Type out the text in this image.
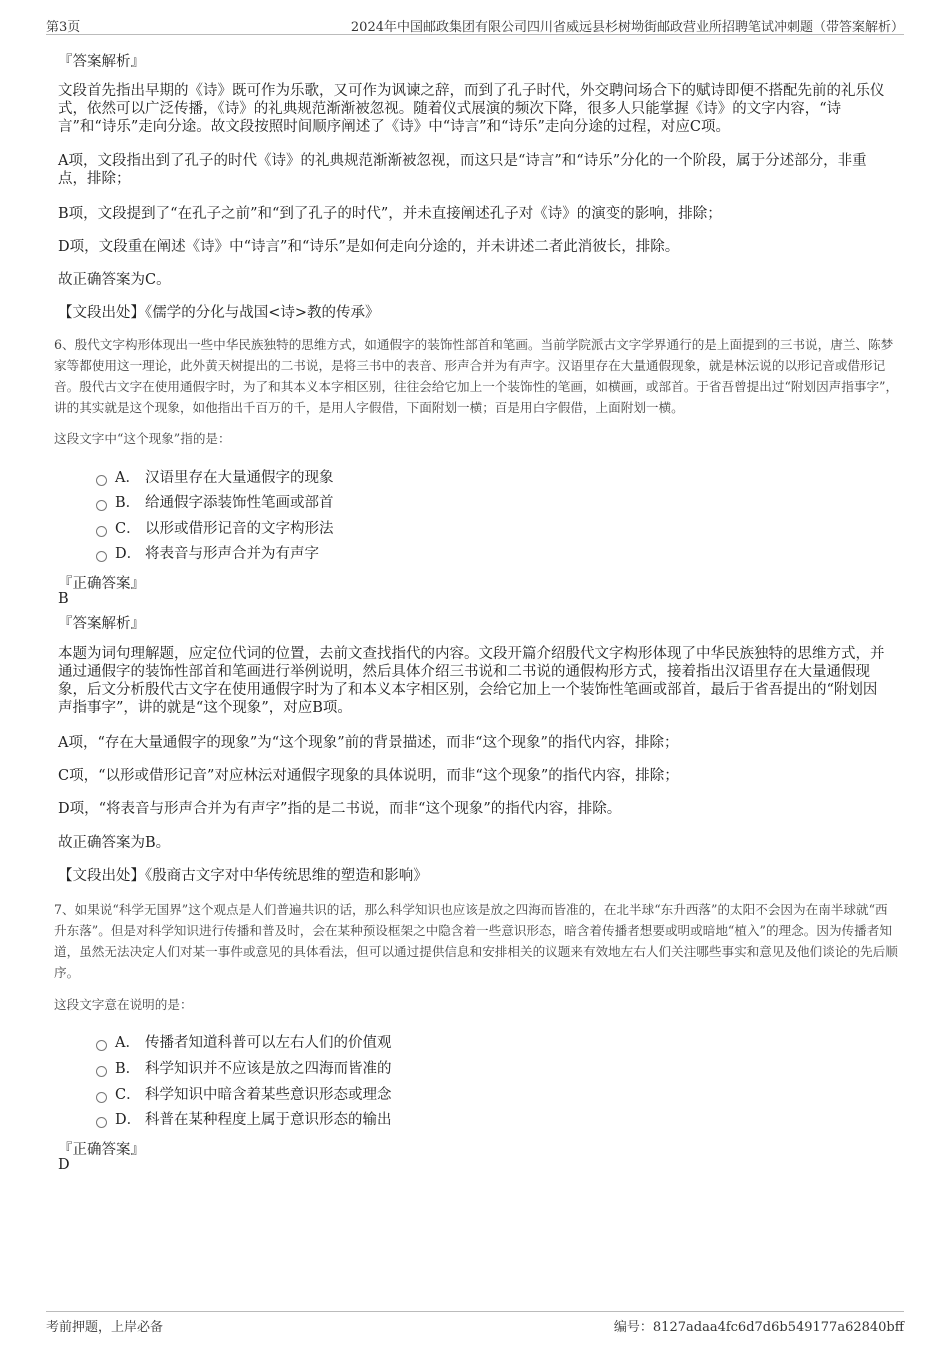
第3页	2024年中国邮政集团有限公司四川省威远县杉树坳街邮政营业所招聘笔试冲刺题（带答案解析）
『答案解析』
文段首先指出早期的《诗》既可作为乐歌，又可作为讽谏之辞，而到了孔子时代，外交聘问场合下的赋诗即便不搭配先前的礼乐仪式，依然可以广泛传播，《诗》的礼典规范渐渐被忽视。随着仪式展演的频次下降，很多人只能掌握《诗》的文字内容，“诗言”和“诗乐”走向分途。故文段按照时间顺序阐述了《诗》中“诗言”和“诗乐”走向分途的过程，对应C项。
A项，文段指出到了孔子的时代《诗》的礼典规范渐渐被忽视，而这只是“诗言”和“诗乐”分化的一个阶段，属于分述部分，非重点，排除；
B项，文段提到了“在孔子之前”和“到了孔子的时代”，并未直接阐述孔子对《诗》的演变的影响，排除；
D项，文段重在阐述《诗》中“诗言”和“诗乐”是如何走向分途的，并未讲述二者此消彼长，排除。
故正确答案为C。
【文段出处】《儒学的分化与战国<诗>教的传承》
6、殷代文字构形体现出一些中华民族独特的思维方式，如通假字的装饰性部首和笔画。当前学院派古文字学界通行的是上面提到的三书说，唐兰、陈梦家等都使用这一理论，此外黄天树提出的二书说，是将三书中的表音、形声合并为有声字。汉语里存在大量通假现象，就是林沄说的以形记音或借形记音。殷代古文字在使用通假字时，为了和其本义本字相区别，往往会给它加上一个装饰性的笔画，如横画，或部首。于省吾曾提出过“附划因声指事字”，讲的其实就是这个现象，如他指出千百万的千，是用人字假借，下面附划一横；百是用白字假借，上面附划一横。
这段文字中“这个现象”指的是：
A． 汉语里存在大量通假字的现象
B． 给通假字添装饰性笔画或部首
C． 以形或借形记音的文字构形法
D． 将表音与形声合并为有声字
『正确答案』
B
『答案解析』
本题为词句理解题，应定位代词的位置，去前文查找指代的内容。文段开篇介绍殷代文字构形体现了中华民族独特的思维方式，并通过通假字的装饰性部首和笔画进行举例说明，然后具体介绍三书说和二书说的通假构形方式，接着指出汉语里存在大量通假现象，后文分析殷代古文字在使用通假字时为了和本义本字相区别，会给它加上一个装饰性笔画或部首，最后于省吾提出的“附划因声指事字”，讲的就是“这个现象”，对应B项。
A项，“存在大量通假字的现象”为“这个现象”前的背景描述，而非“这个现象”的指代内容，排除；
C项，“以形或借形记音”对应林沄对通假字现象的具体说明，而非“这个现象”的指代内容，排除；
D项，“将表音与形声合并为有声字”指的是二书说，而非“这个现象”的指代内容，排除。
故正确答案为B。
【文段出处】《殷商古文字对中华传统思维的塑造和影响》
7、如果说“科学无国界”这个观点是人们普遍共识的话，那么科学知识也应该是放之四海而皆准的，在北半球“东升西落”的太阳不会因为在南半球就“西升东落”。但是对科学知识进行传播和普及时，会在某种预设框架之中隐含着一些意识形态，暗含着传播者想要或明或暗地“植入”的理念。因为传播者知道，虽然无法决定人们对某一事件或意见的具体看法，但可以通过提供信息和安排相关的议题来有效地左右人们关注哪些事实和意见及他们谈论的先后顺序。
这段文字意在说明的是：
A． 传播者知道科普可以左右人们的价值观
B． 科学知识并不应该是放之四海而皆准的
C． 科学知识中暗含着某些意识形态或理念
D． 科普在某种程度上属于意识形态的输出
『正确答案』
D
考前押题，上岸必备	编号：8127adaa4fc6d7d6b549177a62840bff
